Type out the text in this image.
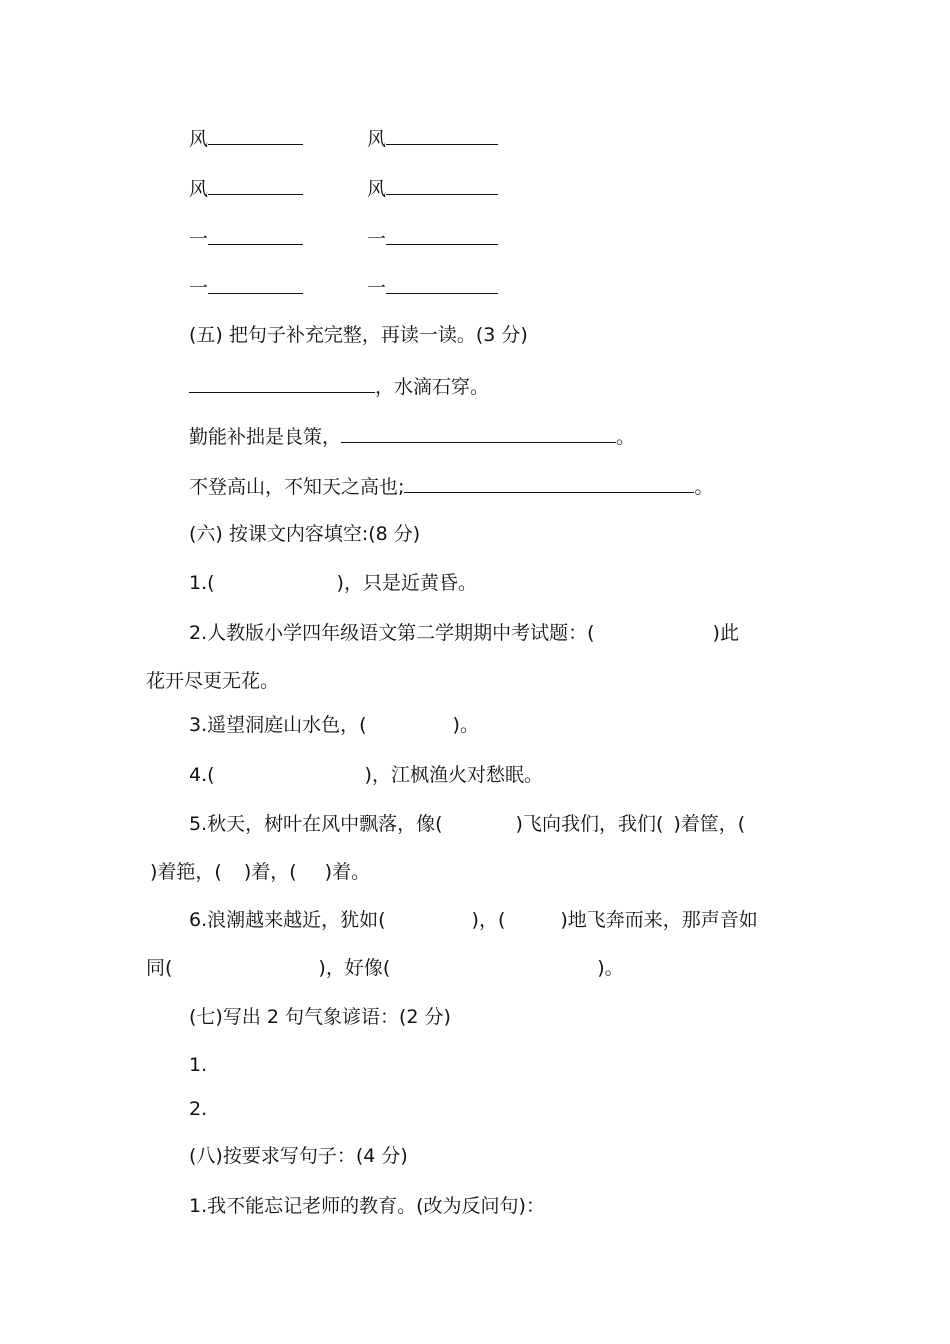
风	风
风	风
一	一
一	一
(五) 把句子补充完整，再读一读。(3 分)
，水滴石穿。
勤能补拙是良策，	。
不登高山，不知天之高也;	。
(六) 按课文内容填空:(8 分)
1.(	)，只是近黄昏。
2.人教版小学四年级语文第二学期期中考试题：(	)此
花开尽更无花。
3.遥望洞庭山水色，(	)。
4.(	)，江枫渔火对愁眠。
5.秋天，树叶在风中飘落，像(	)飞向我们，我们( )着筐，(
)着筢，( )着，( )着。
6.浪潮越来越近，犹如(	)，(	)地飞奔而来，那声音如
同(	)，好像(	)。
(七)写出 2 句气象谚语：(2 分)
1.
2.
(八)按要求写句子：(4 分)
1.我不能忘记老师的教育。(改为反问句)：
